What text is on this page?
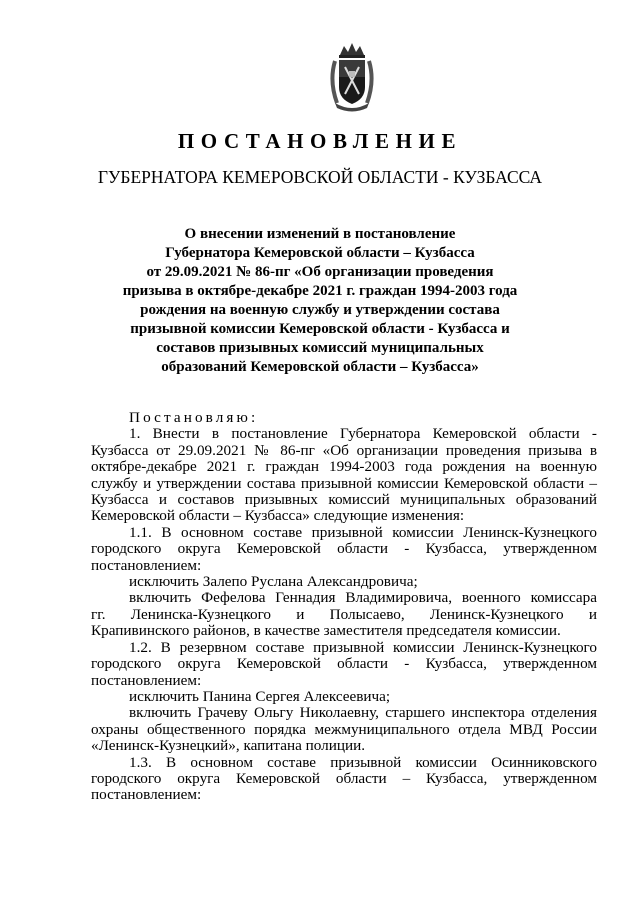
ПОСТАНОВЛЕНИЕ
ГУБЕРНАТОРА КЕМЕРОВСКОЙ ОБЛАСТИ - КУЗБАССА
О внесении изменений в постановление
Губернатора Кемеровской области – Кузбасса
от 29.09.2021 № 86-пг «Об организации проведения
призыва в октябре-декабре 2021 г. граждан 1994-2003 года
рождения на военную службу и утверждении состава
призывной комиссии Кемеровской области - Кузбасса и
составов призывных комиссий муниципальных
образований Кемеровской области – Кузбасса»

Постановляю:

1. Внести в постановление Губернатора Кемеровской области -

Кузбасса от 29.09.2021 № 86-пг «Об организации проведения призыва в

октябре-декабре 2021 г. граждан 1994-2003 года рождения на военную

службу и утверждении состава призывной комиссии Кемеровской области –

Кузбасса и составов призывных комиссий муниципальных образований

Кемеровской области – Кузбасса» следующие изменения:

1.1. В основном составе призывной комиссии Ленинск-Кузнецкого

городского округа Кемеровской области - Кузбасса, утвержденном

постановлением:

исключить Залепо Руслана Александровича;

включить Фефелова Геннадия Владимировича, военного комиссара

гг. Ленинска-Кузнецкого и Полысаево, Ленинск-Кузнецкого и

Крапивинского районов, в качестве заместителя председателя комиссии.

1.2. В резервном составе призывной комиссии Ленинск-Кузнецкого

городского округа Кемеровской области - Кузбасса, утвержденном

постановлением:

исключить Панина Сергея Алексеевича;

включить Грачеву Ольгу Николаевну, старшего инспектора отделения

охраны общественного порядка межмуниципального отдела МВД России

«Ленинск-Кузнецкий», капитана полиции.

1.3. В основном составе призывной комиссии Осинниковского

городского округа Кемеровской области – Кузбасса, утвержденном

постановлением:
